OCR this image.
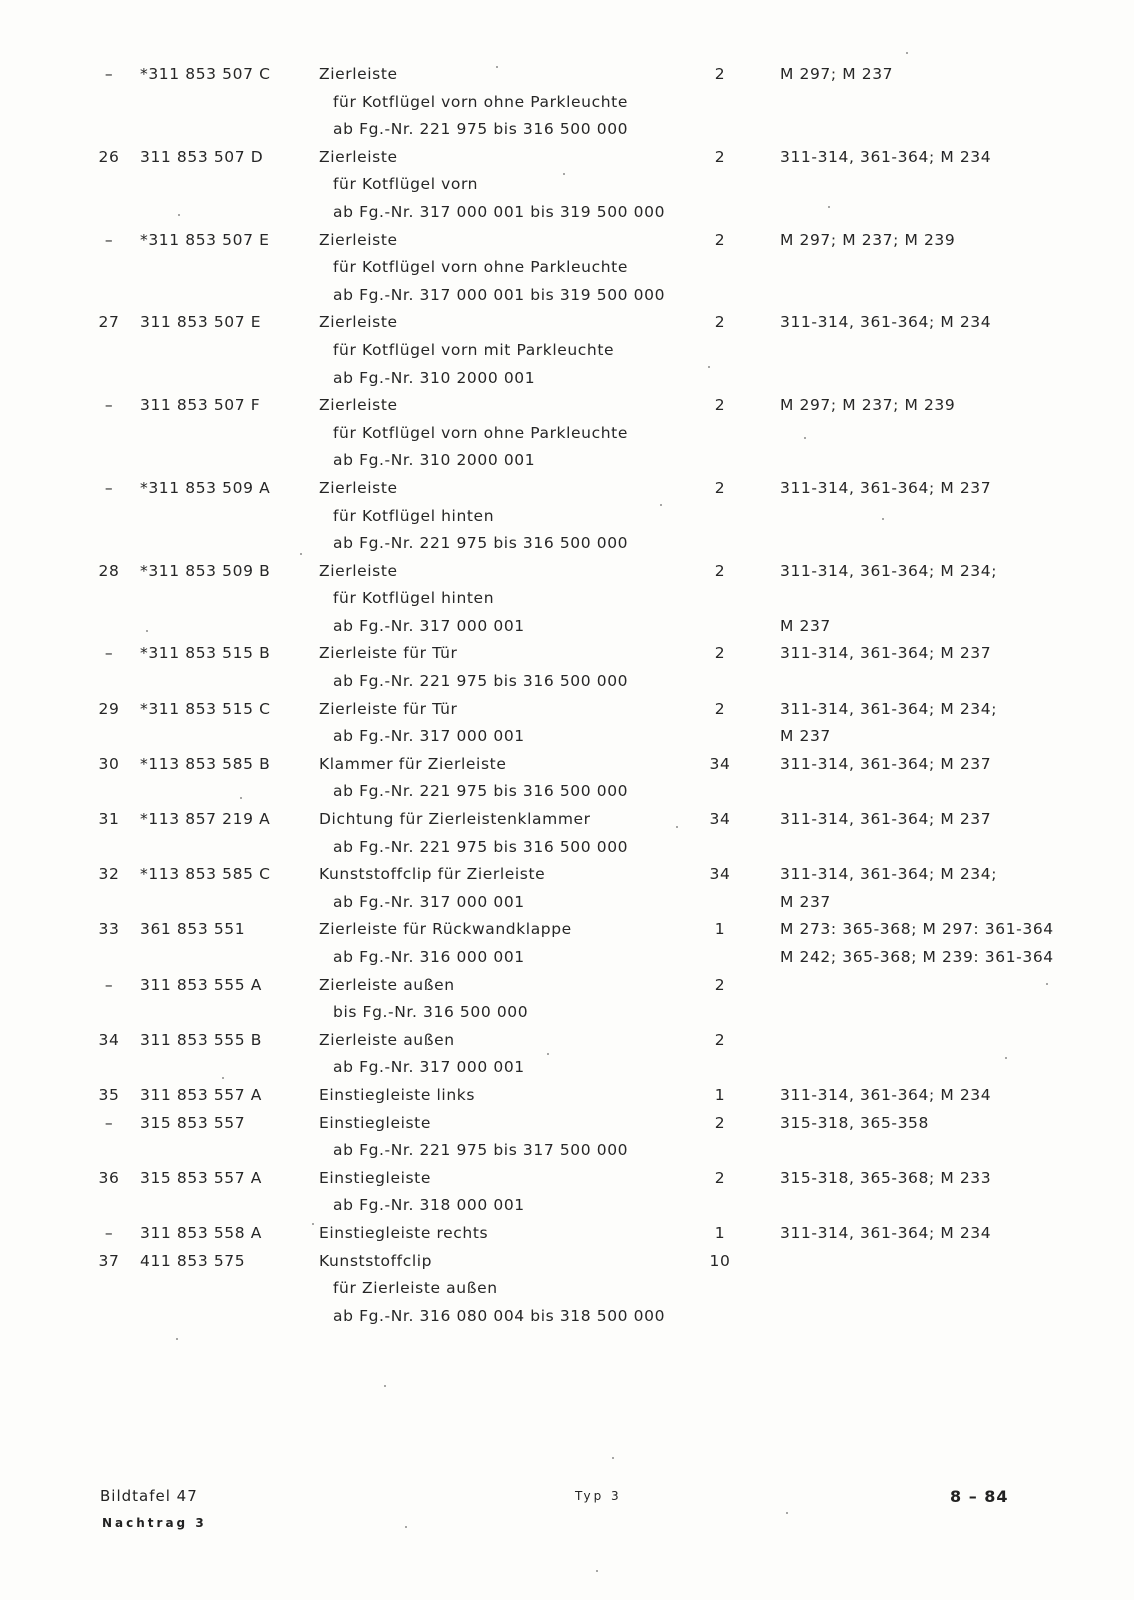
–	*311 853 507 C	Zierleiste	2	M 297; M 237
für Kotflügel vorn ohne Parkleuchte
ab Fg.-Nr. 221 975 bis 316 500 000
26	311 853 507 D	Zierleiste	2	311-314, 361-364; M 234
für Kotflügel vorn
ab Fg.-Nr. 317 000 001 bis 319 500 000
–	*311 853 507 E	Zierleiste	2	M 297; M 237; M 239
für Kotflügel vorn ohne Parkleuchte
ab Fg.-Nr. 317 000 001 bis 319 500 000
27	311 853 507 E	Zierleiste	2	311-314, 361-364; M 234
für Kotflügel vorn mit Parkleuchte
ab Fg.-Nr. 310 2000 001
–	311 853 507 F	Zierleiste	2	M 297; M 237; M 239
für Kotflügel vorn ohne Parkleuchte
ab Fg.-Nr. 310 2000 001
–	*311 853 509 A	Zierleiste	2	311-314, 361-364; M 237
für Kotflügel hinten
ab Fg.-Nr. 221 975 bis 316 500 000
28	*311 853 509 B	Zierleiste	2	311-314, 361-364; M 234;
für Kotflügel hinten
ab Fg.-Nr. 317 000 001	M 237
–	*311 853 515 B	Zierleiste für Tür	2	311-314, 361-364; M 237
ab Fg.-Nr. 221 975 bis 316 500 000
29	*311 853 515 C	Zierleiste für Tür	2	311-314, 361-364; M 234;
ab Fg.-Nr. 317 000 001	M 237
30	*113 853 585 B	Klammer für Zierleiste	34	311-314, 361-364; M 237
ab Fg.-Nr. 221 975 bis 316 500 000
31	*113 857 219 A	Dichtung für Zierleistenklammer	34	311-314, 361-364; M 237
ab Fg.-Nr. 221 975 bis 316 500 000
32	*113 853 585 C	Kunststoffclip für Zierleiste	34	311-314, 361-364; M 234;
ab Fg.-Nr. 317 000 001	M 237
33	361 853 551	Zierleiste für Rückwandklappe	1	M 273: 365-368; M 297: 361-364
ab Fg.-Nr. 316 000 001	M 242; 365-368; M 239: 361-364
–	311 853 555 A	Zierleiste außen	2
bis Fg.-Nr. 316 500 000
34	311 853 555 B	Zierleiste außen	2
ab Fg.-Nr. 317 000 001
35	311 853 557 A	Einstiegleiste links	1	311-314, 361-364; M 234
–	315 853 557	Einstiegleiste	2	315-318, 365-358
ab Fg.-Nr. 221 975 bis 317 500 000
36	315 853 557 A	Einstiegleiste	2	315-318, 365-368; M 233
ab Fg.-Nr. 318 000 001
–	311 853 558 A	Einstiegleiste rechts	1	311-314, 361-364; M 234
37	411 853 575	Kunststoffclip	10
für Zierleiste außen
ab Fg.-Nr. 316 080 004 bis 318 500 000
Bildtafel 47
Nachtrag 3
Typ 3	8 – 84
